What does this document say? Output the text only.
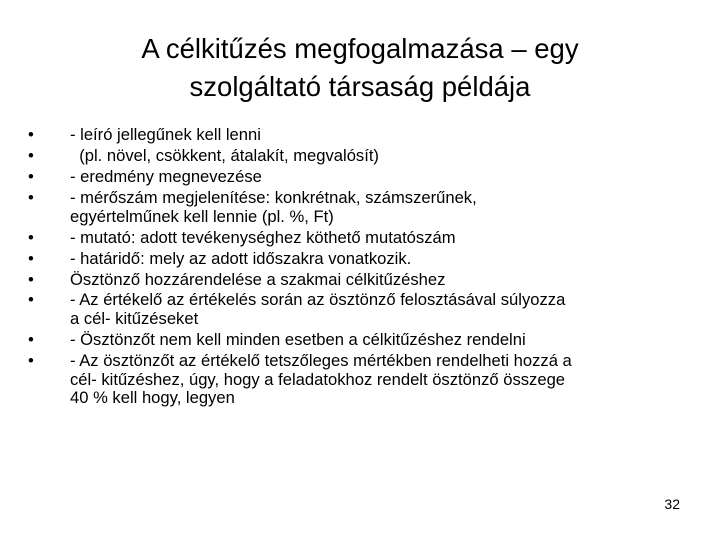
A célkitűzés megfogalmazása – egy
szolgáltató társaság példája
•	- leíró jellegűnek kell lenni
•	(pl. növel, csökkent, átalakít, megvalósít)
•	- eredmény megnevezése
•	- mérőszám megjelenítése: konkrétnak, számszerűnek,
egyértelműnek kell lennie (pl. %, Ft)
•	- mutató: adott tevékenységhez köthető mutatószám
•	- határidő: mely az adott időszakra vonatkozik.
•	Ösztönző hozzárendelése a szakmai célkitűzéshez
•	- Az értékelő az értékelés során az ösztönző felosztásával súlyozza
a cél- kitűzéseket
•	- Ösztönzőt nem kell minden esetben a célkitűzéshez rendelni
•	- Az ösztönzőt az értékelő tetszőleges mértékben rendelheti hozzá a
cél- kitűzéshez, úgy, hogy a feladatokhoz rendelt ösztönző összege
40 % kell hogy, legyen
32
